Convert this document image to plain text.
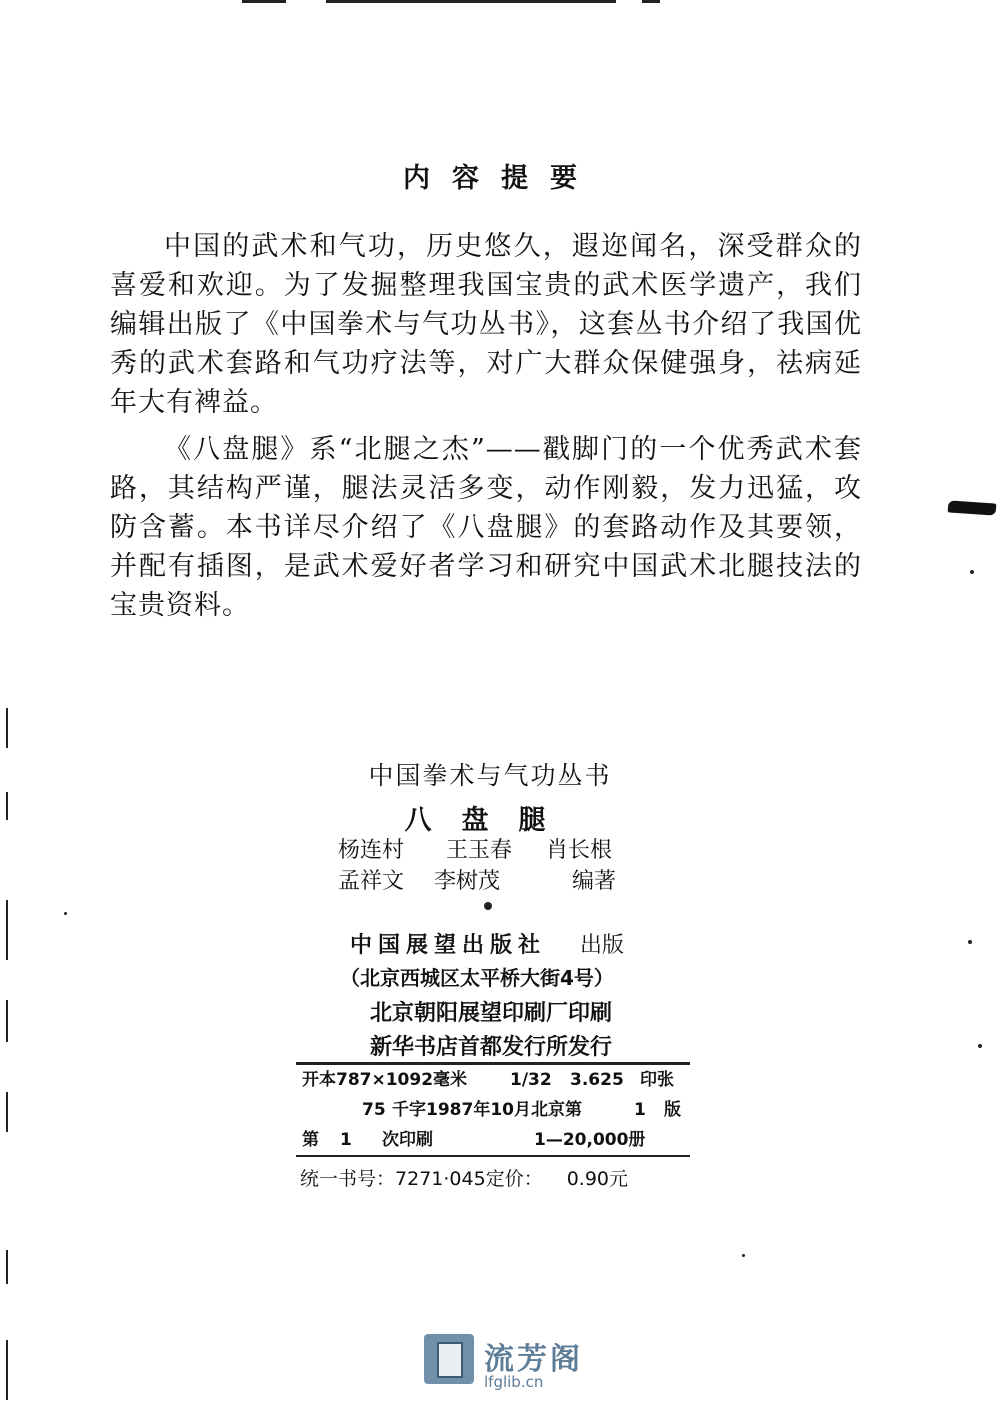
内容提要

中国的武术和气功，历史悠久，遐迩闻名，深受群众的喜爱和欢迎。为了发掘整理我国宝贵的武术医学遗产，我们编辑出版了《中国拳术与气功丛书》，这套丛书介绍了我国优秀的武术套路和气功疗法等，对广大群众保健强身，祛病延年大有裨益。

《八盘腿》系“北腿之杰”——戳脚门的一个优秀武术套路，其结构严谨，腿法灵活多变，动作刚毅，发力迅猛，攻防含蓄。本书详尽介绍了《八盘腿》的套路动作及其要领，并配有插图，是武术爱好者学习和研究中国武术北腿技法的宝贵资料。

中国拳术与气功丛书
八盘腿
杨连村 王玉春 肖长根
孟祥文 李树茂	编著
中国展望出版社 出版
（北京西城区太平桥大街4号）
北京朝阳展望印刷厂印刷
新华书店首都发行所发行
开本787×1092毫米	1/32 3.625 印张
75 千字1987年10月北京第	1 版
第 1 次印刷	1—20,000册
统一书号：7271·045定价： 0.90元
流芳阁
lfglib.cn
